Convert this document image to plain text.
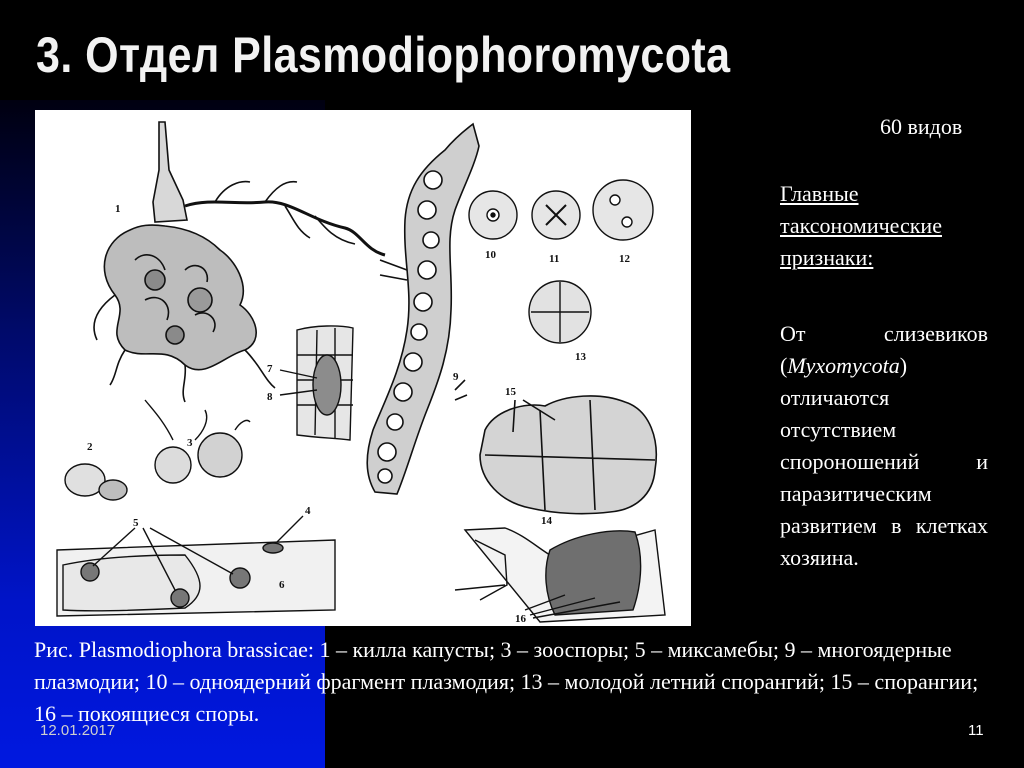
3. Отдел Plasmodiophoromycota
1
9
7
8
2	3
5
4
6
10	11	12
13
15
14
16
60 видов
Главные таксономические признаки:
От слизевиков (Myxomycota) отличаются отсутствием спороношений и паразитическим развитием в клетках хозяина.
Рис. Plasmodiophora brassicae: 1 – килла капусты; 3 – зооспоры; 5 – миксамебы; 9 – многоядерные плазмодии; 10 – одноядерний фрагмент плазмодия; 13 – молодой летний спорангий; 15 – спорангии; 16 – покоящиеся споры.
12.01.2017	11
